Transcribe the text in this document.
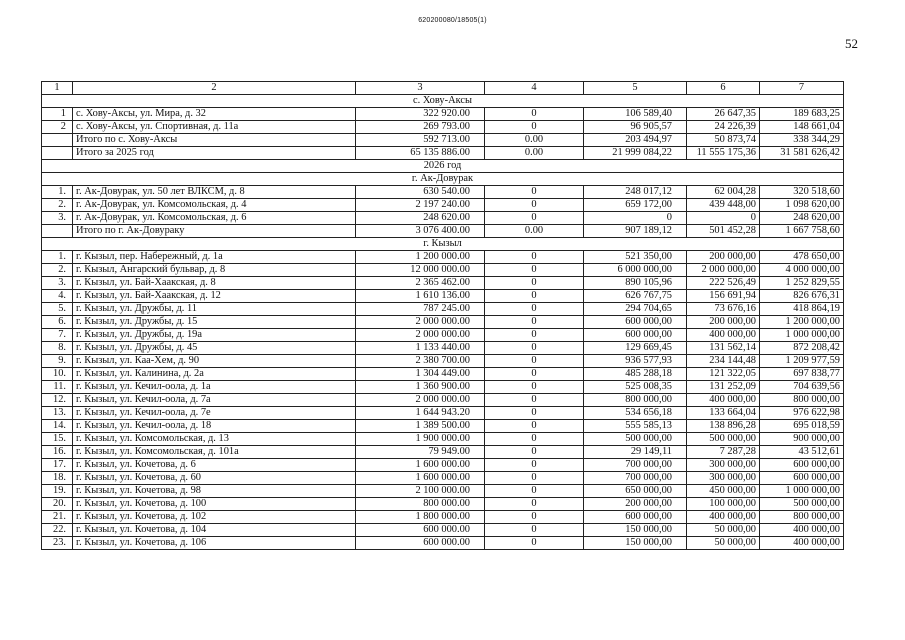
620200080/18505(1)
52
1	2	3	4	5	6	7
с. Хову-Аксы						
1	с. Хову-Аксы, ул. Мира, д. 32	322 920.00	0	106 589,40	26 647,35	189 683,25
2	с. Хову-Аксы, ул. Спортивная, д. 11а	269 793.00	0	96 905,57	24 226,39	148 661,04
	Итого по с. Хову-Аксы	592 713.00	0.00	203 494,97	50 873,74	338 344,29
	Итого за 2025 год	65 135 886.00	0.00	21 999 084,22	11 555 175,36	31 581 626,42
2026 год						
г. Ак-Довурак						
1.	г. Ак-Довурак, ул. 50 лет ВЛКСМ, д. 8	630 540.00	0	248 017,12	62 004,28	320 518,60
2.	г. Ак-Довурак, ул. Комсомольская, д. 4	2 197 240.00	0	659 172,00	439 448,00	1 098 620,00
3.	г. Ак-Довурак, ул. Комсомольская, д. 6	248 620.00	0	0	0	248 620,00
	Итого по г. Ак-Довураку	3 076 400.00	0.00	907 189,12	501 452,28	1 667 758,60
г. Кызыл						
1.	г. Кызыл, пер. Набережный, д. 1а	1 200 000.00	0	521 350,00	200 000,00	478 650,00
2.	г. Кызыл, Ангарский бульвар, д. 8	12 000 000.00	0	6 000 000,00	2 000 000,00	4 000 000,00
3.	г. Кызыл, ул. Бай-Хаакская, д. 8	2 365 462.00	0	890 105,96	222 526,49	1 252 829,55
4.	г. Кызыл, ул. Бай-Хаакская, д. 12	1 610 136.00	0	626 767,75	156 691,94	826 676,31
5.	г. Кызыл, ул. Дружбы, д. 11	787 245.00	0	294 704,65	73 676,16	418 864,19
6.	г. Кызыл, ул. Дружбы, д. 15	2 000 000.00	0	600 000,00	200 000,00	1 200 000,00
7.	г. Кызыл, ул. Дружбы, д. 19а	2 000 000.00	0	600 000,00	400 000,00	1 000 000,00
8.	г. Кызыл, ул. Дружбы, д. 45	1 133 440.00	0	129 669,45	131 562,14	872 208,42
9.	г. Кызыл, ул. Каа-Хем, д. 90	2 380 700.00	0	936 577,93	234 144,48	1 209 977,59
10.	г. Кызыл, ул. Калинина, д. 2а	1 304 449.00	0	485 288,18	121 322,05	697 838,77
11.	г. Кызыл, ул. Кечил-оола, д. 1а	1 360 900.00	0	525 008,35	131 252,09	704 639,56
12.	г. Кызыл, ул. Кечил-оола, д. 7а	2 000 000.00	0	800 000,00	400 000,00	800 000,00
13.	г. Кызыл, ул. Кечил-оола, д. 7е	1 644 943.20	0	534 656,18	133 664,04	976 622,98
14.	г. Кызыл, ул. Кечил-оола, д. 18	1 389 500.00	0	555 585,13	138 896,28	695 018,59
15.	г. Кызыл, ул. Комсомольская, д. 13	1 900 000.00	0	500 000,00	500 000,00	900 000,00
16.	г. Кызыл, ул. Комсомольская, д. 101а	79 949.00	0	29 149,11	7 287,28	43 512,61
17.	г. Кызыл, ул. Кочетова, д. 6	1 600 000.00	0	700 000,00	300 000,00	600 000,00
18.	г. Кызыл, ул. Кочетова, д. 60	1 600 000.00	0	700 000,00	300 000,00	600 000,00
19.	г. Кызыл, ул. Кочетова, д. 98	2 100 000.00	0	650 000,00	450 000,00	1 000 000,00
20.	г. Кызыл, ул. Кочетова, д. 100	800 000.00	0	200 000,00	100 000,00	500 000,00
21.	г. Кызыл, ул. Кочетова, д. 102	1 800 000.00	0	600 000,00	400 000,00	800 000,00
22.	г. Кызыл, ул. Кочетова, д. 104	600 000.00	0	150 000,00	50 000,00	400 000,00
23.	г. Кызыл, ул. Кочетова, д. 106	600 000.00	0	150 000,00	50 000,00	400 000,00
